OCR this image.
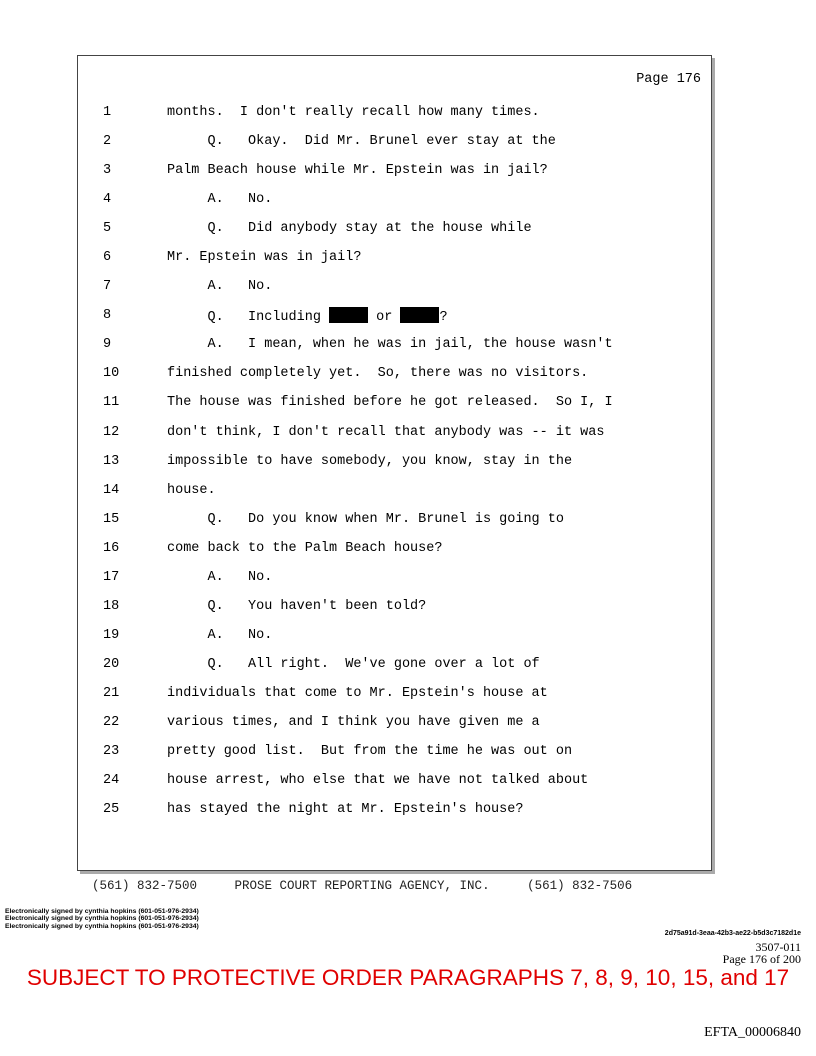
Page 176
1	months.  I don't really recall how many times.
2	Q.   Okay.  Did Mr. Brunel ever stay at the
3	Palm Beach house while Mr. Epstein was in jail?
4	A.   No.
5	Q.   Did anybody stay at the house while
6	Mr. Epstein was in jail?
7	A.   No.
8	Q.   Including	or	?
9	A.   I mean, when he was in jail, the house wasn't
10	finished completely yet.  So, there was no visitors.
11	The house was finished before he got released.  So I, I
12	don't think, I don't recall that anybody was -- it was
13	impossible to have somebody, you know, stay in the
14	house.
15	Q.   Do you know when Mr. Brunel is going to
16	come back to the Palm Beach house?
17	A.   No.
18	Q.   You haven't been told?
19	A.   No.
20	Q.   All right.  We've gone over a lot of
21	individuals that come to Mr. Epstein's house at
22	various times, and I think you have given me a
23	pretty good list.  But from the time he was out on
24	house arrest, who else that we have not talked about
25	has stayed the night at Mr. Epstein's house?
(561) 832-7500     PROSE COURT REPORTING AGENCY, INC.     (561) 832-7506
Electronically signed by cynthia hopkins (601-051-976-2934)
Electronically signed by cynthia hopkins (601-051-976-2934)
Electronically signed by cynthia hopkins (601-051-976-2934)
2d75a91d-3eaa-42b3-ae22-b5d3c7182d1e
3507-011
Page 176 of 200
SUBJECT TO PROTECTIVE ORDER PARAGRAPHS 7, 8, 9, 10, 15, and 17
EFTA_00006840
